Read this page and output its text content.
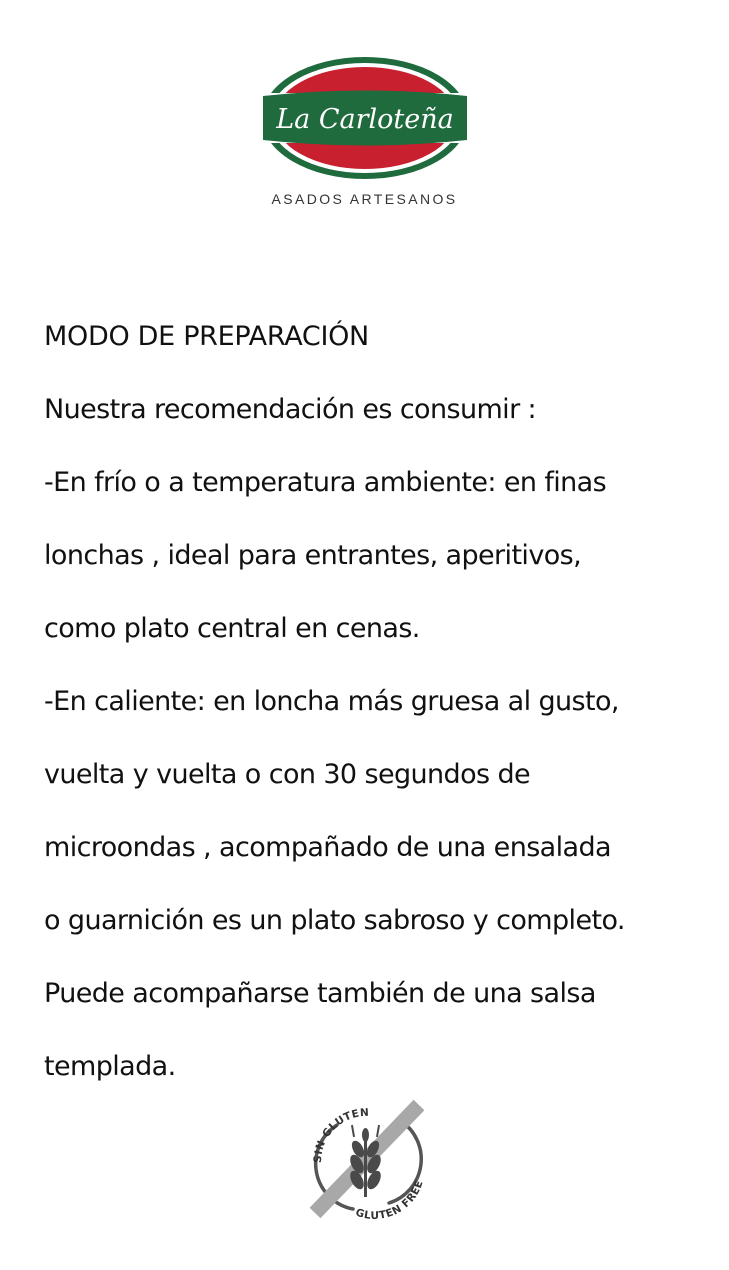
La Carloteña
ASADOS ARTESANOS
MODO DE PREPARACIÓN
Nuestra recomendación es consumir :
-En frío o a temperatura ambiente: en finas
lonchas , ideal para entrantes, aperitivos,
como plato central en cenas.
-En caliente: en loncha más gruesa al gusto,
vuelta y vuelta o con 30 segundos de
microondas , acompañado de una ensalada
o guarnición es un plato sabroso y completo.
Puede acompañarse también de una salsa
templada.
SIN GLUTEN
GLUTEN FREE
